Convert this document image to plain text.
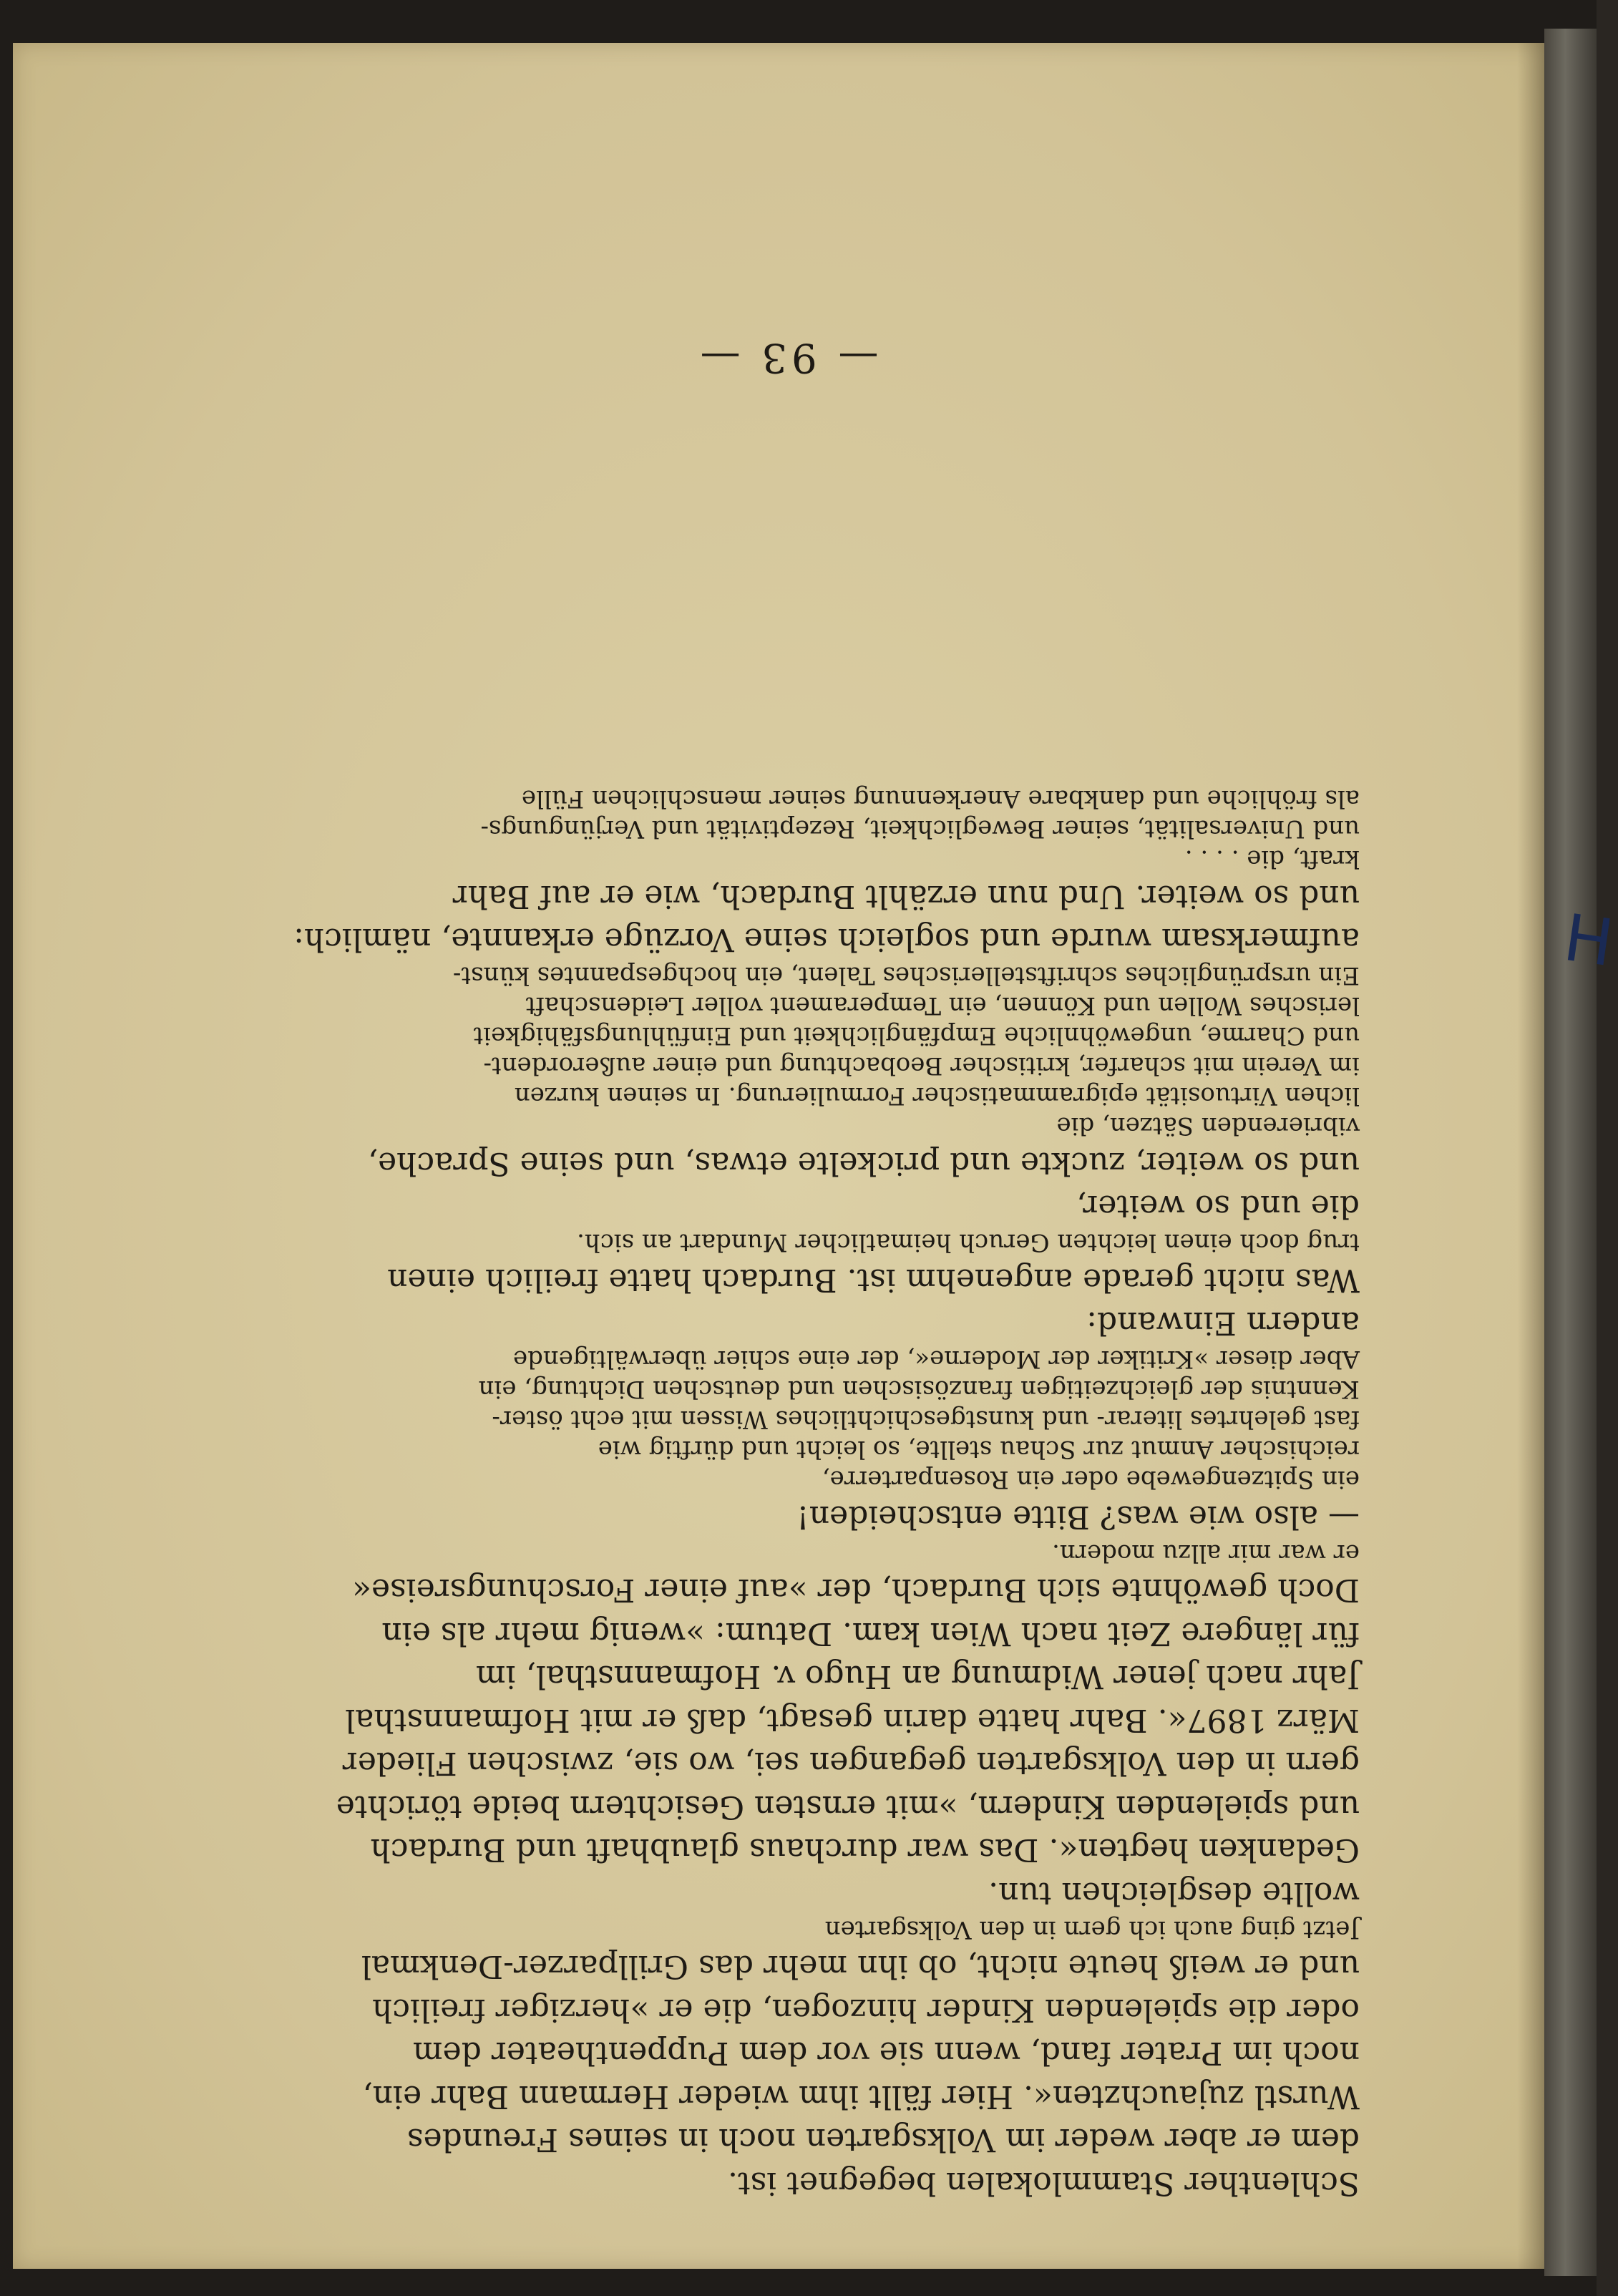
H

Schlenther Stammlokalen begegnet ist.

dem er aber weder im Volksgarten noch in seines Freundes

Wurstl zujauchzten«. Hier fällt ihm wieder Hermann Bahr ein,

noch im Prater fand, wenn sie vor dem Puppentheater dem

oder die spielenden Kinder hinzogen, die er »herziger freilich

und er weiß heute nicht, ob ihn mehr das Grillparzer-Denkmal

Jetzt ging auch ich gern in den Volksgarten

wollte desgleichen tun.

Gedanken hegten«. Das war durchaus glaubhaft und Burdach

und spielenden Kindern, »mit ernsten Gesichtern beide törichte

gern in den Volksgarten gegangen sei, wo sie, zwischen Flieder

März 1897«. Bahr hatte darin gesagt, daß er mit Hofmannsthal

Jahr nach jener Widmung an Hugo v. Hofmannsthal, im

für längere Zeit nach Wien kam. Datum: »wenig mehr als ein

Doch gewöhnte sich Burdach, der »auf einer Forschungsreise«

er war mir allzu modern.

— also wie was? Bitte entscheiden!

ein Spitzengewebe oder ein Rosenparterre,

reichischer Anmut zur Schau stellte, so leicht und dürftig wie

fast gelehrtes literar- und kunstgeschichtliches Wissen mit echt öster-

Kenntnis der gleichzeitigen französischen und deutschen Dichtung, ein

Aber dieser »Kritiker der Moderne«, der eine schier überwältigende

andern Einwand:

Was nicht gerade angenehm ist. Burdach hatte freilich einen

trug doch einen leichten Geruch heimatlicher Mundart an sich.

die und so weiter,

und so weiter, zuckte und prickelte etwas, und seine Sprache,

vibrierenden Sätzen, die

lichen Virtuosität epigrammatischer Formulierung. In seinen kurzen

im Verein mit scharfer, kritischer Beobachtung und einer außerordent-

und Charme, ungewöhnliche Empfänglichkeit und Einfühlungsfähigkeit

lerisches Wollen und Können, ein Temperament voller Leidenschaft

Ein ursprüngliches schriftstellerisches Talent, ein hochgespanntes künst-

aufmerksam wurde und sogleich seine Vorzüge erkannte, nämlich:

und so weiter. Und nun erzählt Burdach, wie er auf Bahr

kraft, die . . . .

und Universalität, seiner Beweglichkeit, Rezeptivität und Verjüngungs-

als fröhliche und dankbare Anerkennung seiner menschlichen Fülle

— 93 —
